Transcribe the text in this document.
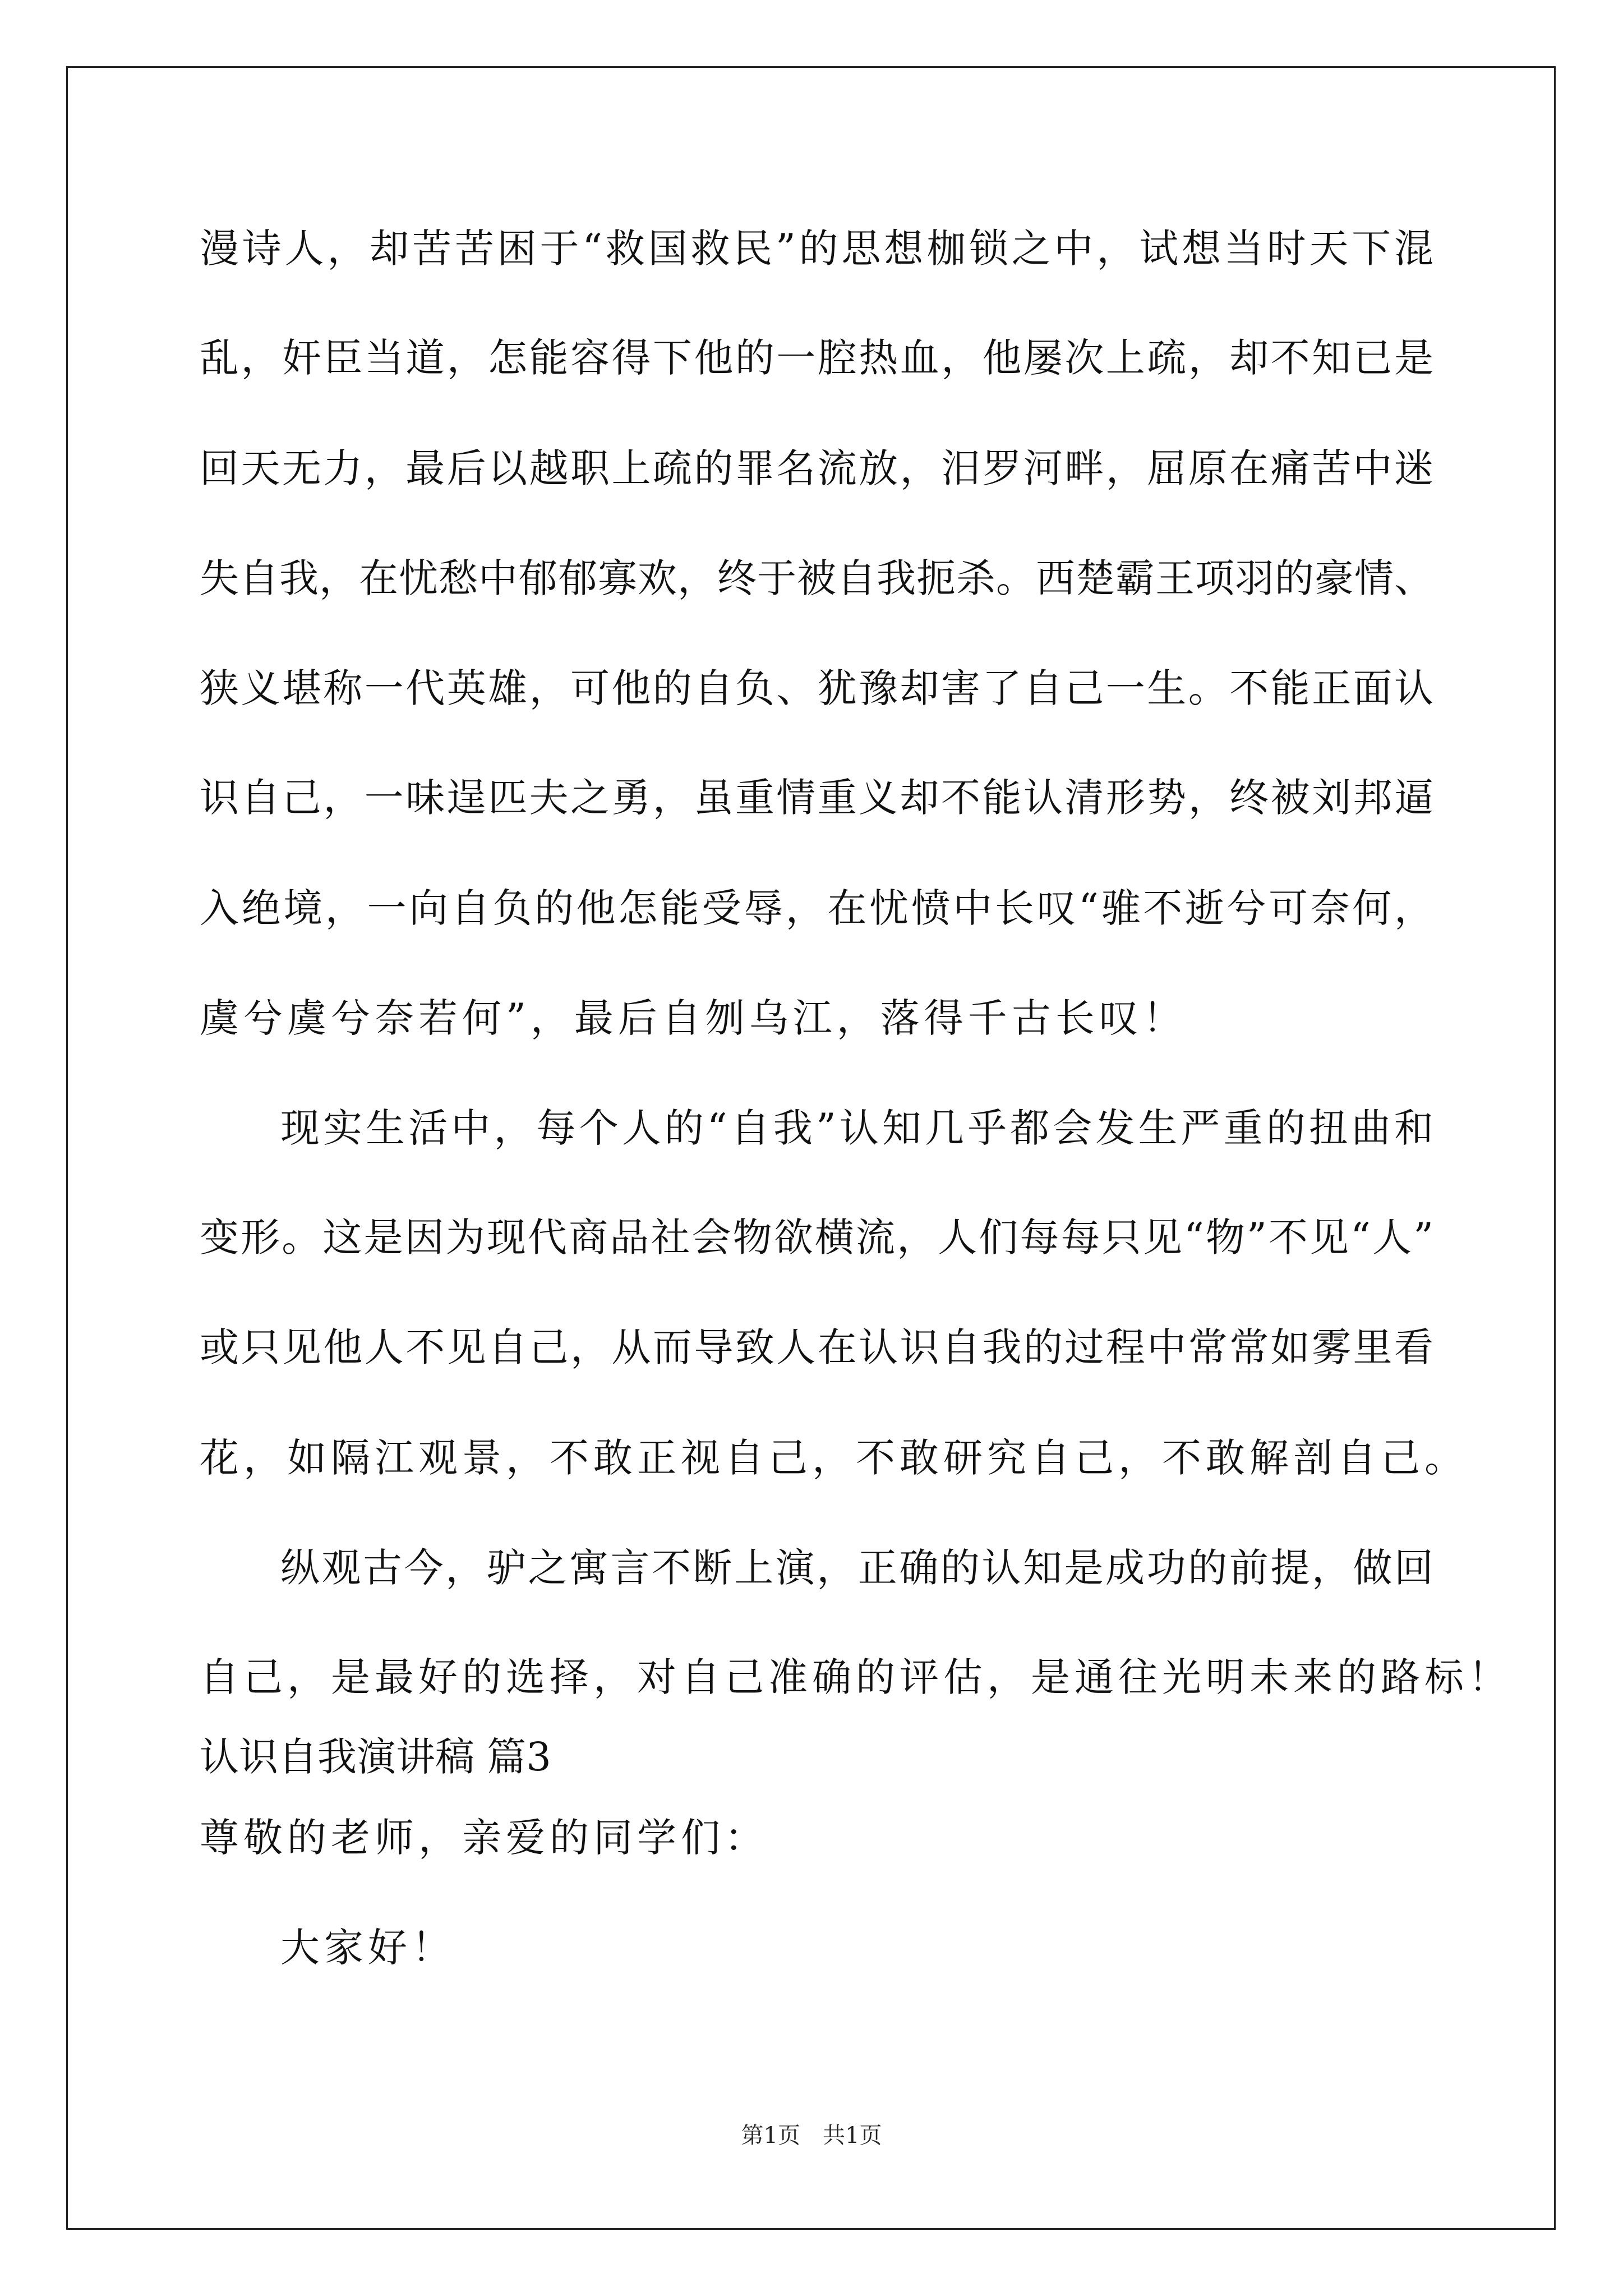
漫诗人，却苦苦困于“救国救民”的思想枷锁之中，试想当时天下混
乱，奸臣当道，怎能容得下他的一腔热血，他屡次上疏，却不知已是
回天无力，最后以越职上疏的罪名流放，汨罗河畔，屈原在痛苦中迷
失自我，在忧愁中郁郁寡欢，终于被自我扼杀。西楚霸王项羽的豪情、
狭义堪称一代英雄，可他的自负、犹豫却害了自己一生。不能正面认
识自己，一味逞匹夫之勇，虽重情重义却不能认清形势，终被刘邦逼
入绝境，一向自负的他怎能受辱，在忧愤中长叹“骓不逝兮可奈何，
虞兮虞兮奈若何”，最后自刎乌江，落得千古长叹！
现实生活中，每个人的“自我”认知几乎都会发生严重的扭曲和
变形。这是因为现代商品社会物欲横流，人们每每只见“物”不见“人”
或只见他人不见自己，从而导致人在认识自我的过程中常常如雾里看
花，如隔江观景，不敢正视自己，不敢研究自己，不敢解剖自己。
纵观古今，驴之寓言不断上演，正确的认知是成功的前提，做回
自己，是最好的选择，对自己准确的评估，是通往光明未来的路标！
认识自我演讲稿 篇3
尊敬的老师，亲爱的同学们：
大家好！
第1页　共1页
